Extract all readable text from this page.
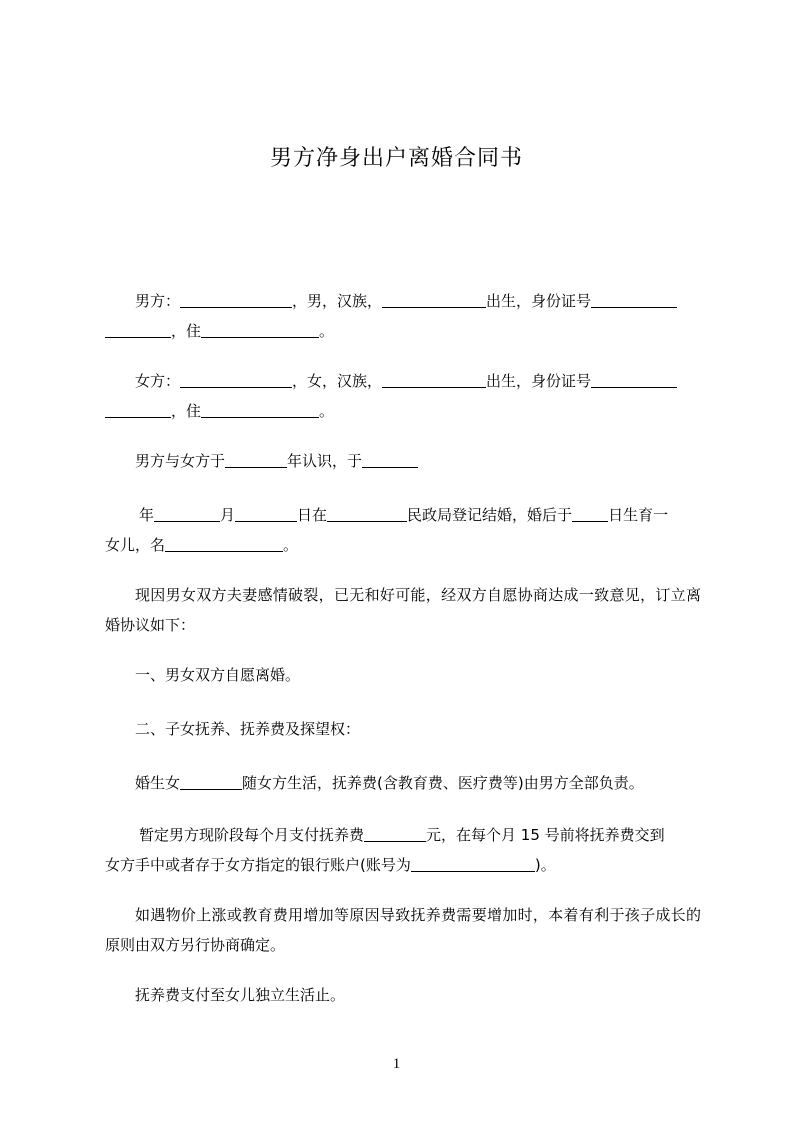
男方净身出户离婚合同书
男方：	，男，汉族，	出生，身份证号
，住	。
女方：	，女，汉族，	出生，身份证号
，住	。
男方与女方于	年认识，于
年	月	日在	民政局登记结婚，婚后于 日生育一
女儿，名	。
现因男女双方夫妻感情破裂，已无和好可能，经双方自愿协商达成一致意见，订立离婚协议如下：
一、男女双方自愿离婚。
二、子女抚养、抚养费及探望权：
婚生女	随女方生活，抚养费(含教育费、医疗费等)由男方全部负责。
暂定男方现阶段每个月支付抚养费	元，在每个月 15 号前将抚养费交到
女方手中或者存于女方指定的银行账户(账号为	)。
如遇物价上涨或教育费用增加等原因导致抚养费需要增加时，本着有利于孩子成长的原则由双方另行协商确定。
抚养费支付至女儿独立生活止。
1
